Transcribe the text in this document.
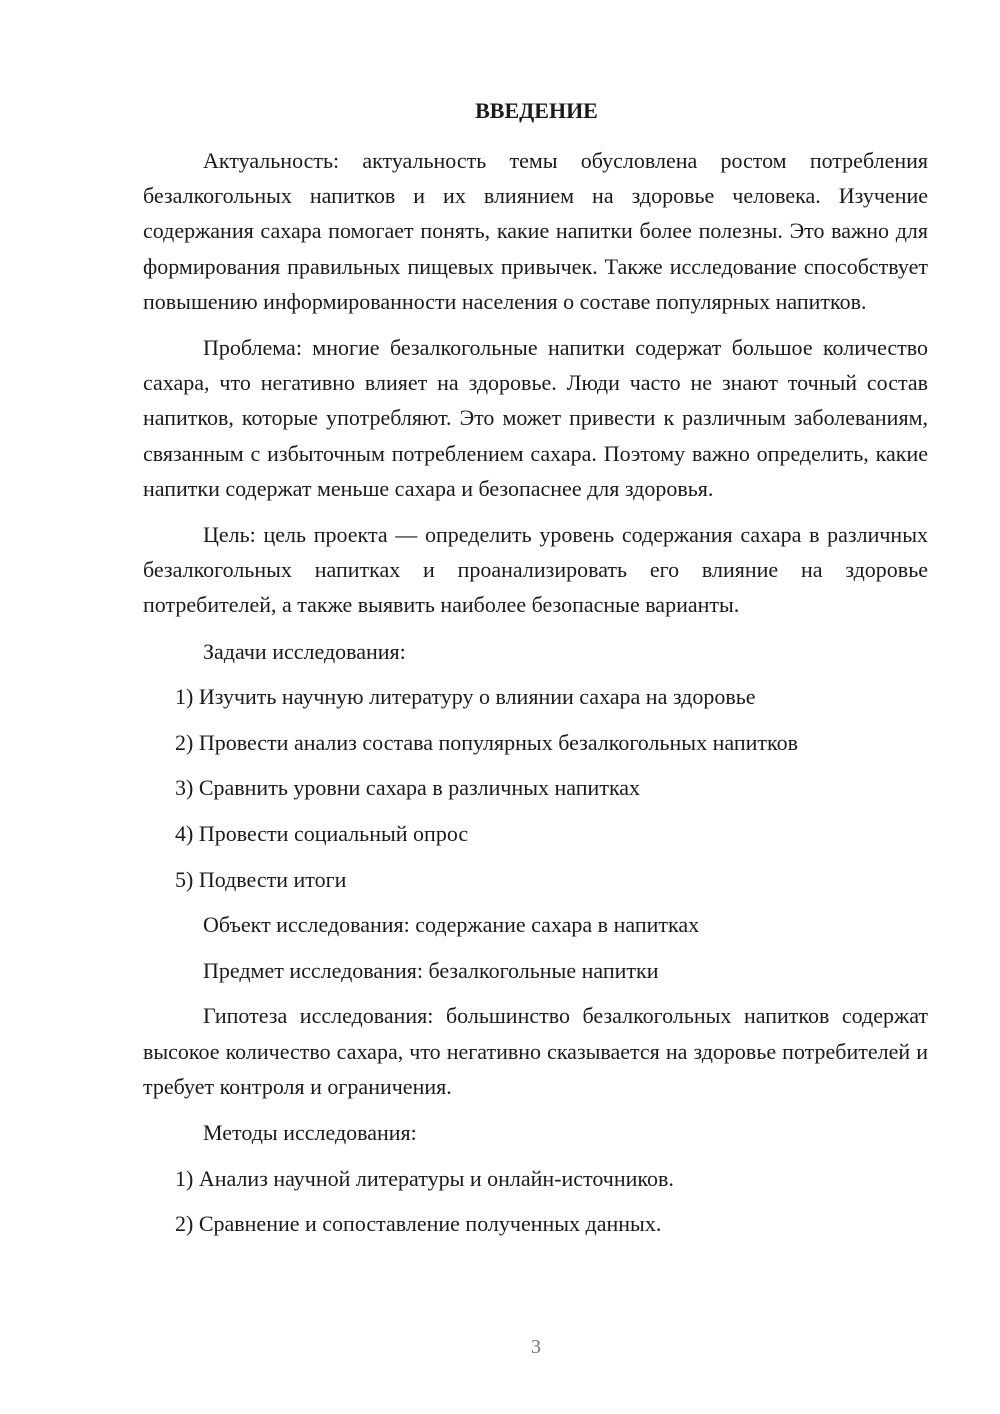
ВВЕДЕНИЕ

Актуальность: актуальность темы обусловлена ростом потребления безалкогольных напитков и их влиянием на здоровье человека. Изучение содержания сахара помогает понять, какие напитки более полезны. Это важно для формирования правильных пищевых привычек. Также исследование способствует повышению информированности населения о составе популярных напитков.

Проблема: многие безалкогольные напитки содержат большое количество сахара, что негативно влияет на здоровье. Люди часто не знают точный состав напитков, которые употребляют. Это может привести к различным заболеваниям, связанным с избыточным потреблением сахара. Поэтому важно определить, какие напитки содержат меньше сахара и безопаснее для здоровья.

Цель: цель проекта — определить уровень содержания сахара в различных безалкогольных напитках и проанализировать его влияние на здоровье потребителей, а также выявить наиболее безопасные варианты.

Задачи исследования:

1) Изучить научную литературу о влиянии сахара на здоровье

2) Провести анализ состава популярных безалкогольных напитков

3) Сравнить уровни сахара в различных напитках

4) Провести социальный опрос

5) Подвести итоги

Объект исследования: содержание сахара в напитках

Предмет исследования: безалкогольные напитки

Гипотеза исследования: большинство безалкогольных напитков содержат высокое количество сахара, что негативно сказывается на здоровье потребителей и требует контроля и ограничения.

Методы исследования:

1) Анализ научной литературы и онлайн-источников.

2) Сравнение и сопоставление полученных данных.

3
